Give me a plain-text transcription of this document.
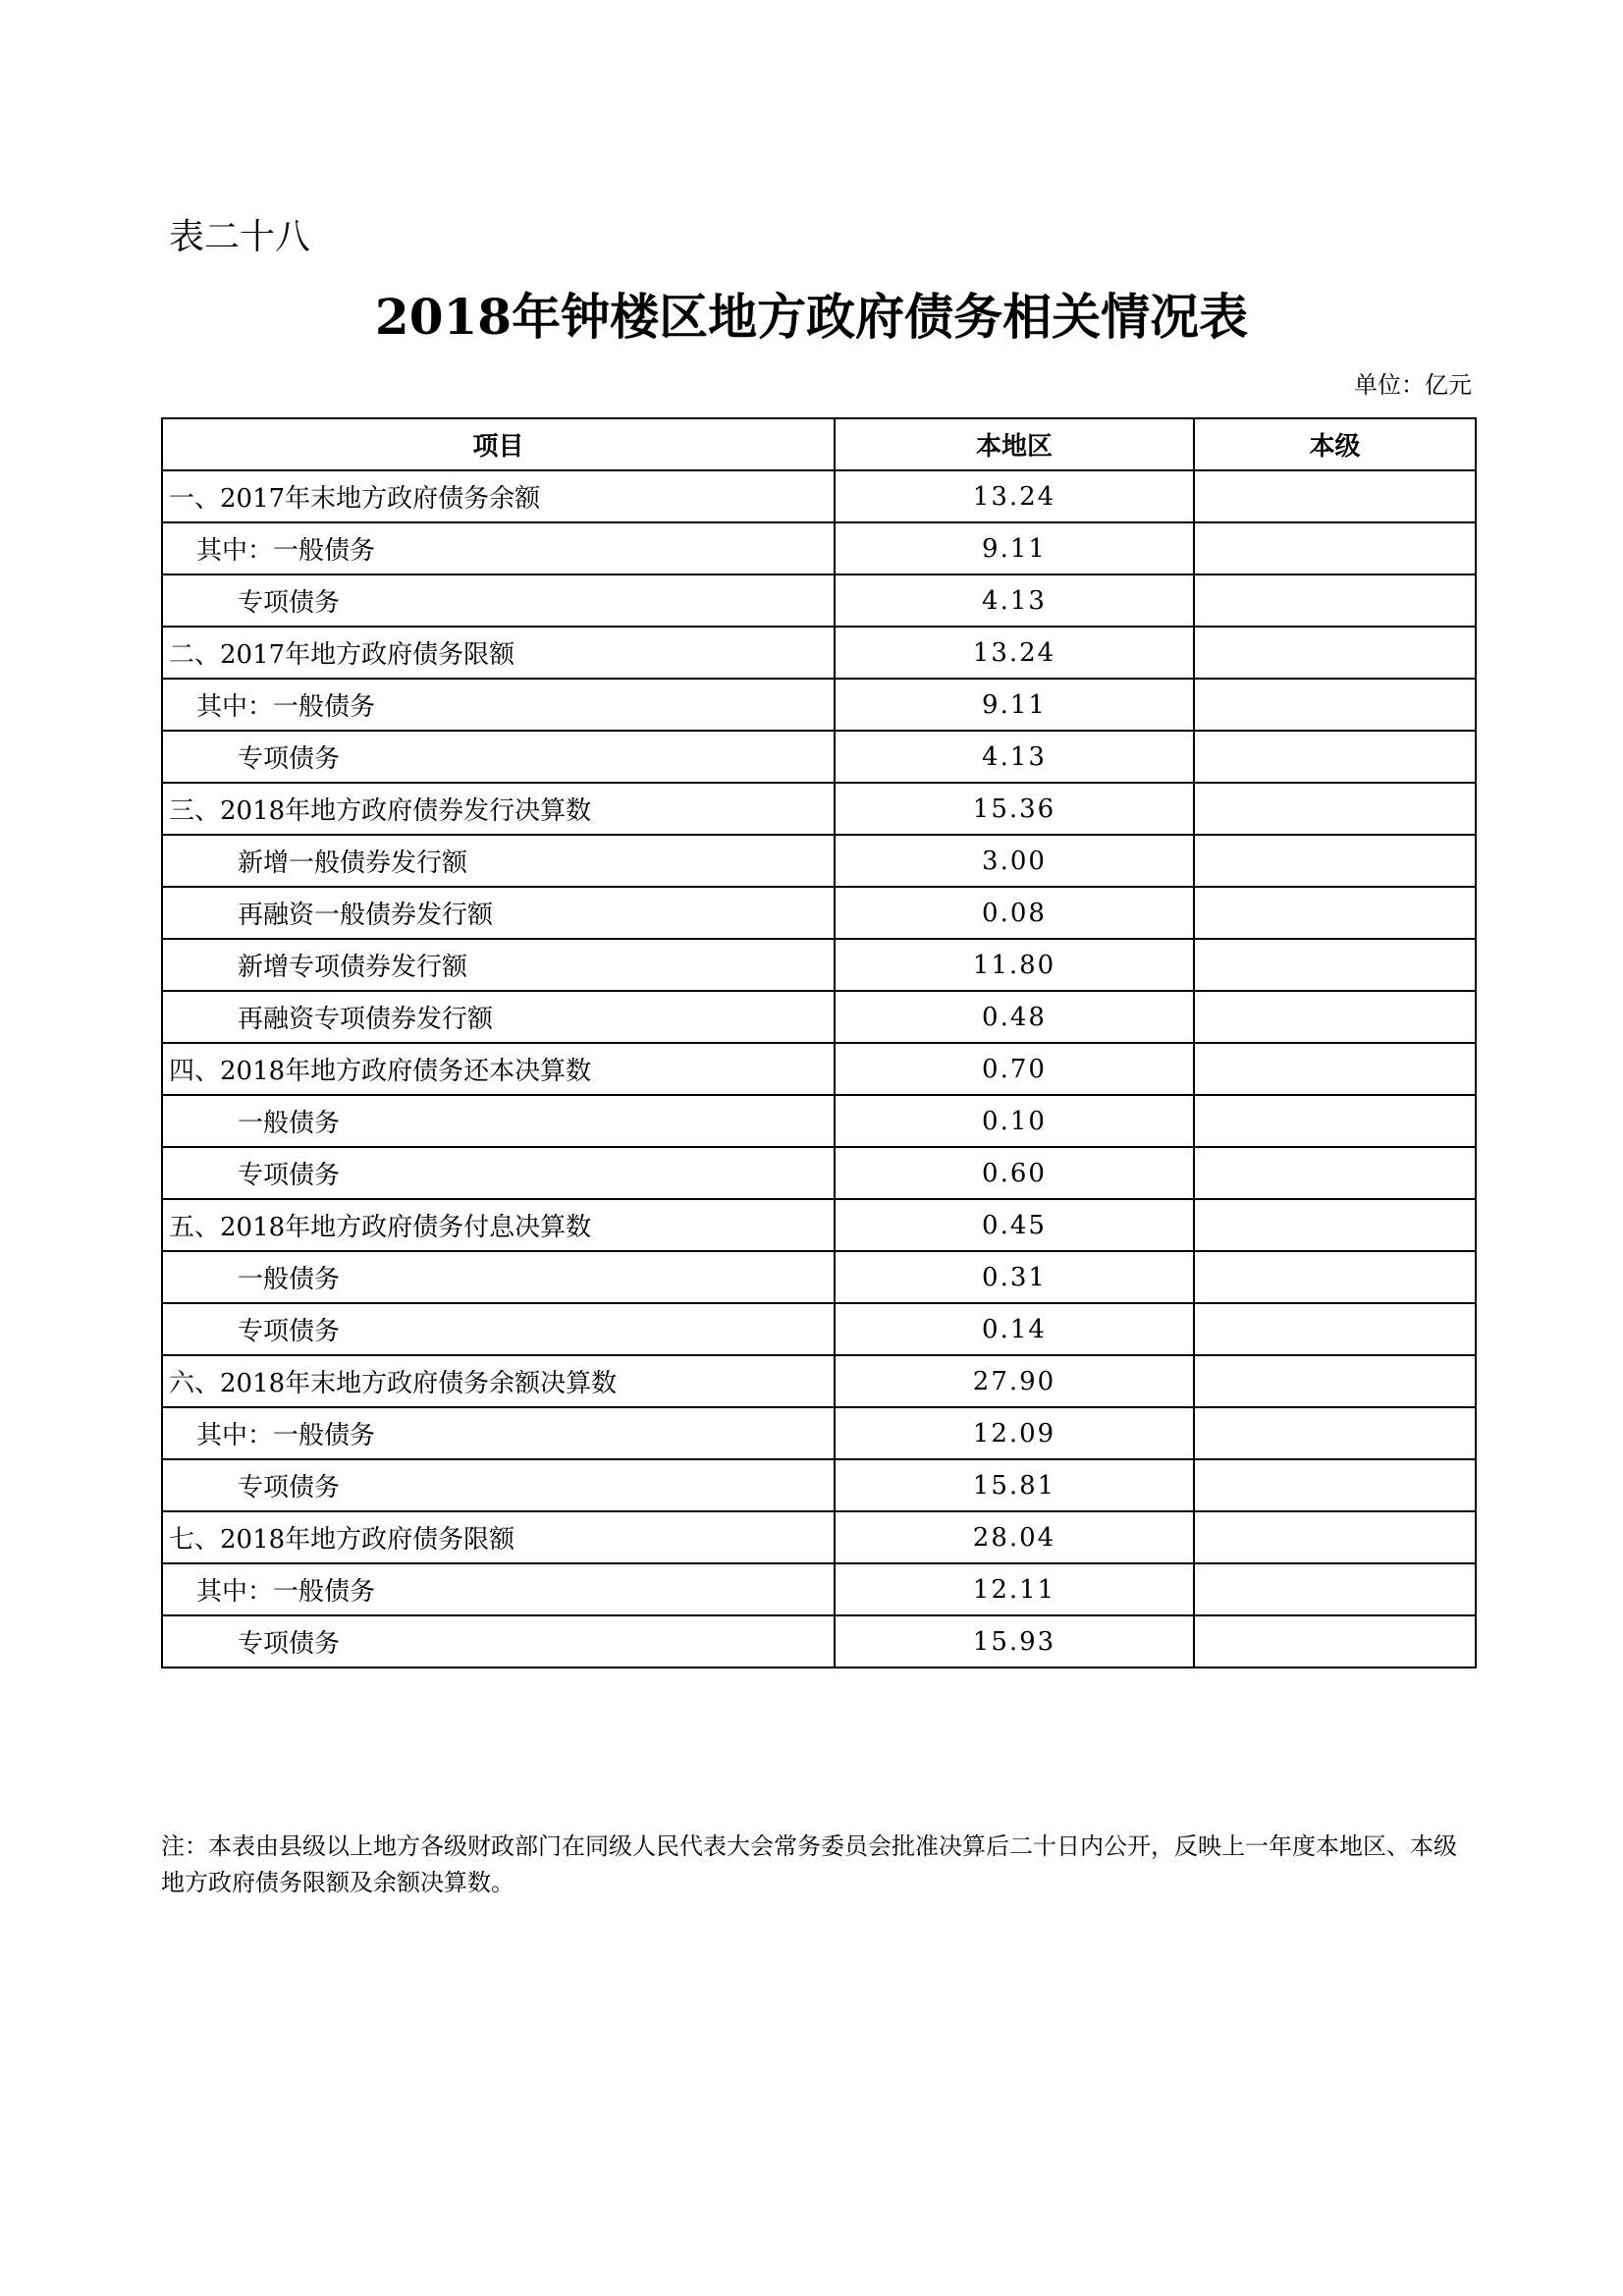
表二十八
2018年钟楼区地方政府债务相关情况表
单位：亿元
项目	本地区	本级
一、2017年末地方政府债务余额	13.24	
其中：一般债务	9.11	
专项债务	4.13	
二、2017年地方政府债务限额	13.24	
其中：一般债务	9.11	
专项债务	4.13	
三、2018年地方政府债券发行决算数	15.36	
新增一般债券发行额	3.00	
再融资一般债券发行额	0.08	
新增专项债券发行额	11.80	
再融资专项债券发行额	0.48	
四、2018年地方政府债务还本决算数	0.70	
一般债务	0.10	
专项债务	0.60	
五、2018年地方政府债务付息决算数	0.45	
一般债务	0.31	
专项债务	0.14	
六、2018年末地方政府债务余额决算数	27.90	
其中：一般债务	12.09	
专项债务	15.81	
七、2018年地方政府债务限额	28.04	
其中：一般债务	12.11	
专项债务	15.93	

注：本表由县级以上地方各级财政部门在同级人民代表大会常务委员会批准决算后二十日内公开，反映上一年度本地区、本级地方政府债务限额及余额决算数。
